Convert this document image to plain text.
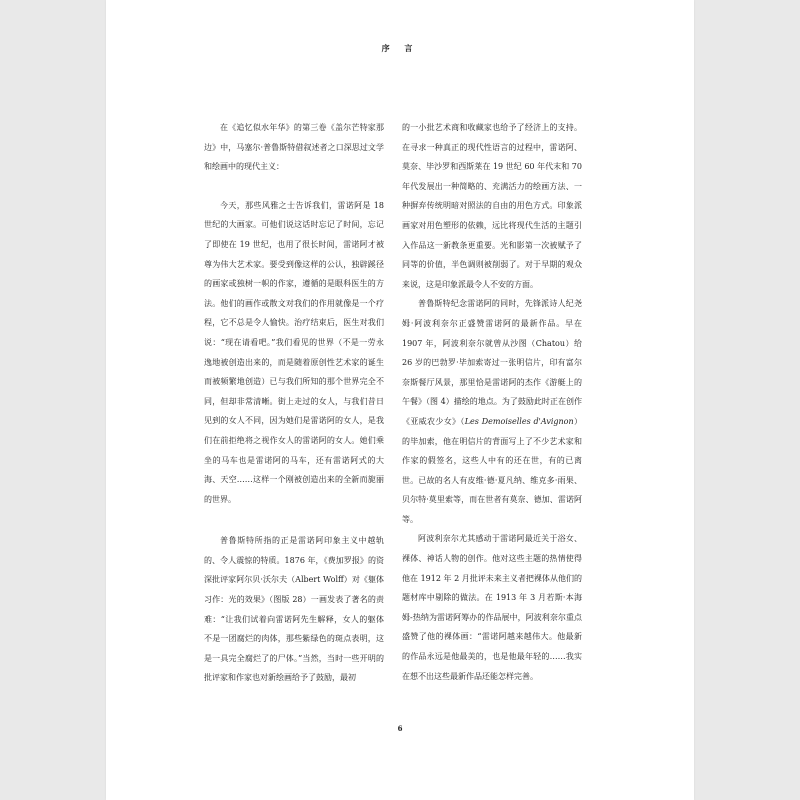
序 言

在《追忆似水年华》的第三卷《盖尔芒特家那边》中，马塞尔·普鲁斯特借叙述者之口深思过文学和绘画中的现代主义：

今天，那些风雅之士告诉我们，雷诺阿是 18 世纪的大画家。可他们说这话时忘记了时间，忘记了即使在 19 世纪，也用了很长时间，雷诺阿才被尊为伟大艺术家。要受到像这样的公认，独辟蹊径的画家或独树一帜的作家，遵循的是眼科医生的方法。他们的画作或散文对我们的作用就像是一个疗程，它不总是令人愉快。治疗结束后，医生对我们说：“现在请看吧。”我们看见的世界（不是一劳永逸地被创造出来的，而是随着原创性艺术家的诞生而被频繁地创造）已与我们所知的那个世界完全不同，但却非常清晰。街上走过的女人，与我们昔日见到的女人不同，因为她们是雷诺阿的女人，是我们在前拒绝将之视作女人的雷诺阿的女人。她们乘坐的马车也是雷诺阿的马车，还有雷诺阿式的大海、天空……这样一个刚被创造出来的全新而旎丽的世界。

普鲁斯特所指的正是雷诺阿印象主义中越轨的、令人震惊的特质。1876 年，《费加罗报》的资深批评家阿尔贝·沃尔夫（Albert Wolff）对《躯体习作：光的效果》（图版 28）一画发表了著名的责难：“让我们试着向雷诺阿先生解释，女人的躯体不是一团腐烂的肉体，那些紫绿色的斑点表明，这是一具完全腐烂了的尸体。”当然，当时一些开明的批评家和作家也对新绘画给予了鼓励，最初

的一小批艺术商和收藏家也给予了经济上的支持。在寻求一种真正的现代性语言的过程中，雷诺阿、莫奈、毕沙罗和西斯莱在 19 世纪 60 年代末和 70 年代发展出一种简略的、充满活力的绘画方法、一种摒弃传统明暗对照法的自由的用色方式。印象派画家对用色塑形的依赖，远比将现代生活的主题引入作品这一新教条更重要。光和影第一次被赋予了同等的价值，半色调则被削弱了。对于早期的观众来说，这是印象派最令人不安的方面。

普鲁斯特纪念雷诺阿的同时，先锋派诗人纪尧姆·阿波利奈尔正盛赞雷诺阿的最新作品。早在 1907 年，阿波利奈尔就曾从沙图（Chatou）给 26 岁的巴勃罗·毕加索寄过一张明信片，印有富尔奈斯餐厅风景，那里恰是雷诺阿的杰作《游艇上的午餐》（图 4）描绘的地点。为了鼓励此时正在创作《亚威农少女》（Les Demoiselles d'Avignon）的毕加索，他在明信片的背面写上了不少艺术家和作家的假签名，这些人中有的还在世，有的已离世。已故的名人有皮维·德·夏凡纳、维克多·雨果、贝尔特·莫里索等，而在世者有莫奈、德加、雷诺阿等。

阿波利奈尔尤其感动于雷诺阿最近关于浴女、裸体、神话人物的创作。他对这些主题的热情使得他在 1912 年 2 月批评未来主义者把裸体从他们的题材库中剔除的做法。在 1913 年 3 月若斯·本海姆-热纳为雷诺阿筹办的作品展中，阿波利奈尔重点盛赞了他的裸体画：“雷诺阿越来越伟大。他最新的作品永远是他最美的，也是他最年轻的……我实在想不出这些最新作品还能怎样完善。

6
